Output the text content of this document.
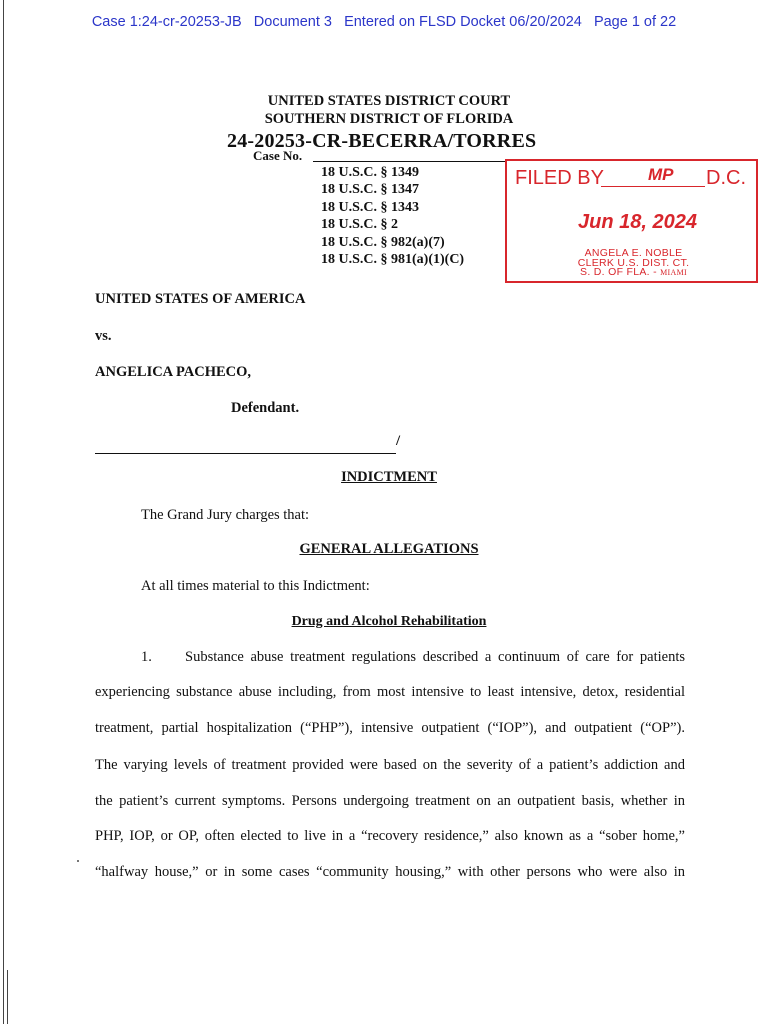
Case 1:24-cr-20253-JB   Document 3   Entered on FLSD Docket 06/20/2024   Page 1 of 22
UNITED STATES DISTRICT COURT
SOUTHERN DISTRICT OF FLORIDA
24-20253-CR-BECERRA/TORRES
Case No.
18 U.S.C. § 1349
18 U.S.C. § 1347
18 U.S.C. § 1343
18 U.S.C. § 2
18 U.S.C. § 982(a)(7)
18 U.S.C. § 981(a)(1)(C)
FILED BY	MP D.C.
Jun 18, 2024
ANGELA E. NOBLE
CLERK U.S. DIST. CT.
S. D. OF FLA. - MIAMI
UNITED STATES OF AMERICA
vs.
ANGELICA PACHECO,
Defendant.
/
INDICTMENT
The Grand Jury charges that:
GENERAL ALLEGATIONS
At all times material to this Indictment:
Drug and Alcohol Rehabilitation
1. Substance abuse treatment regulations described a continuum of care for patients
experiencing substance abuse including, from most intensive to least intensive, detox, residential
treatment, partial hospitalization (“PHP”), intensive outpatient (“IOP”), and outpatient (“OP”).
The varying levels of treatment provided were based on the severity of a patient’s addiction and
the patient’s current symptoms. Persons undergoing treatment on an outpatient basis, whether in
PHP, IOP, or OP, often elected to live in a “recovery residence,” also known as a “sober home,”
“halfway house,” or in some cases “community housing,” with other persons who were also in
